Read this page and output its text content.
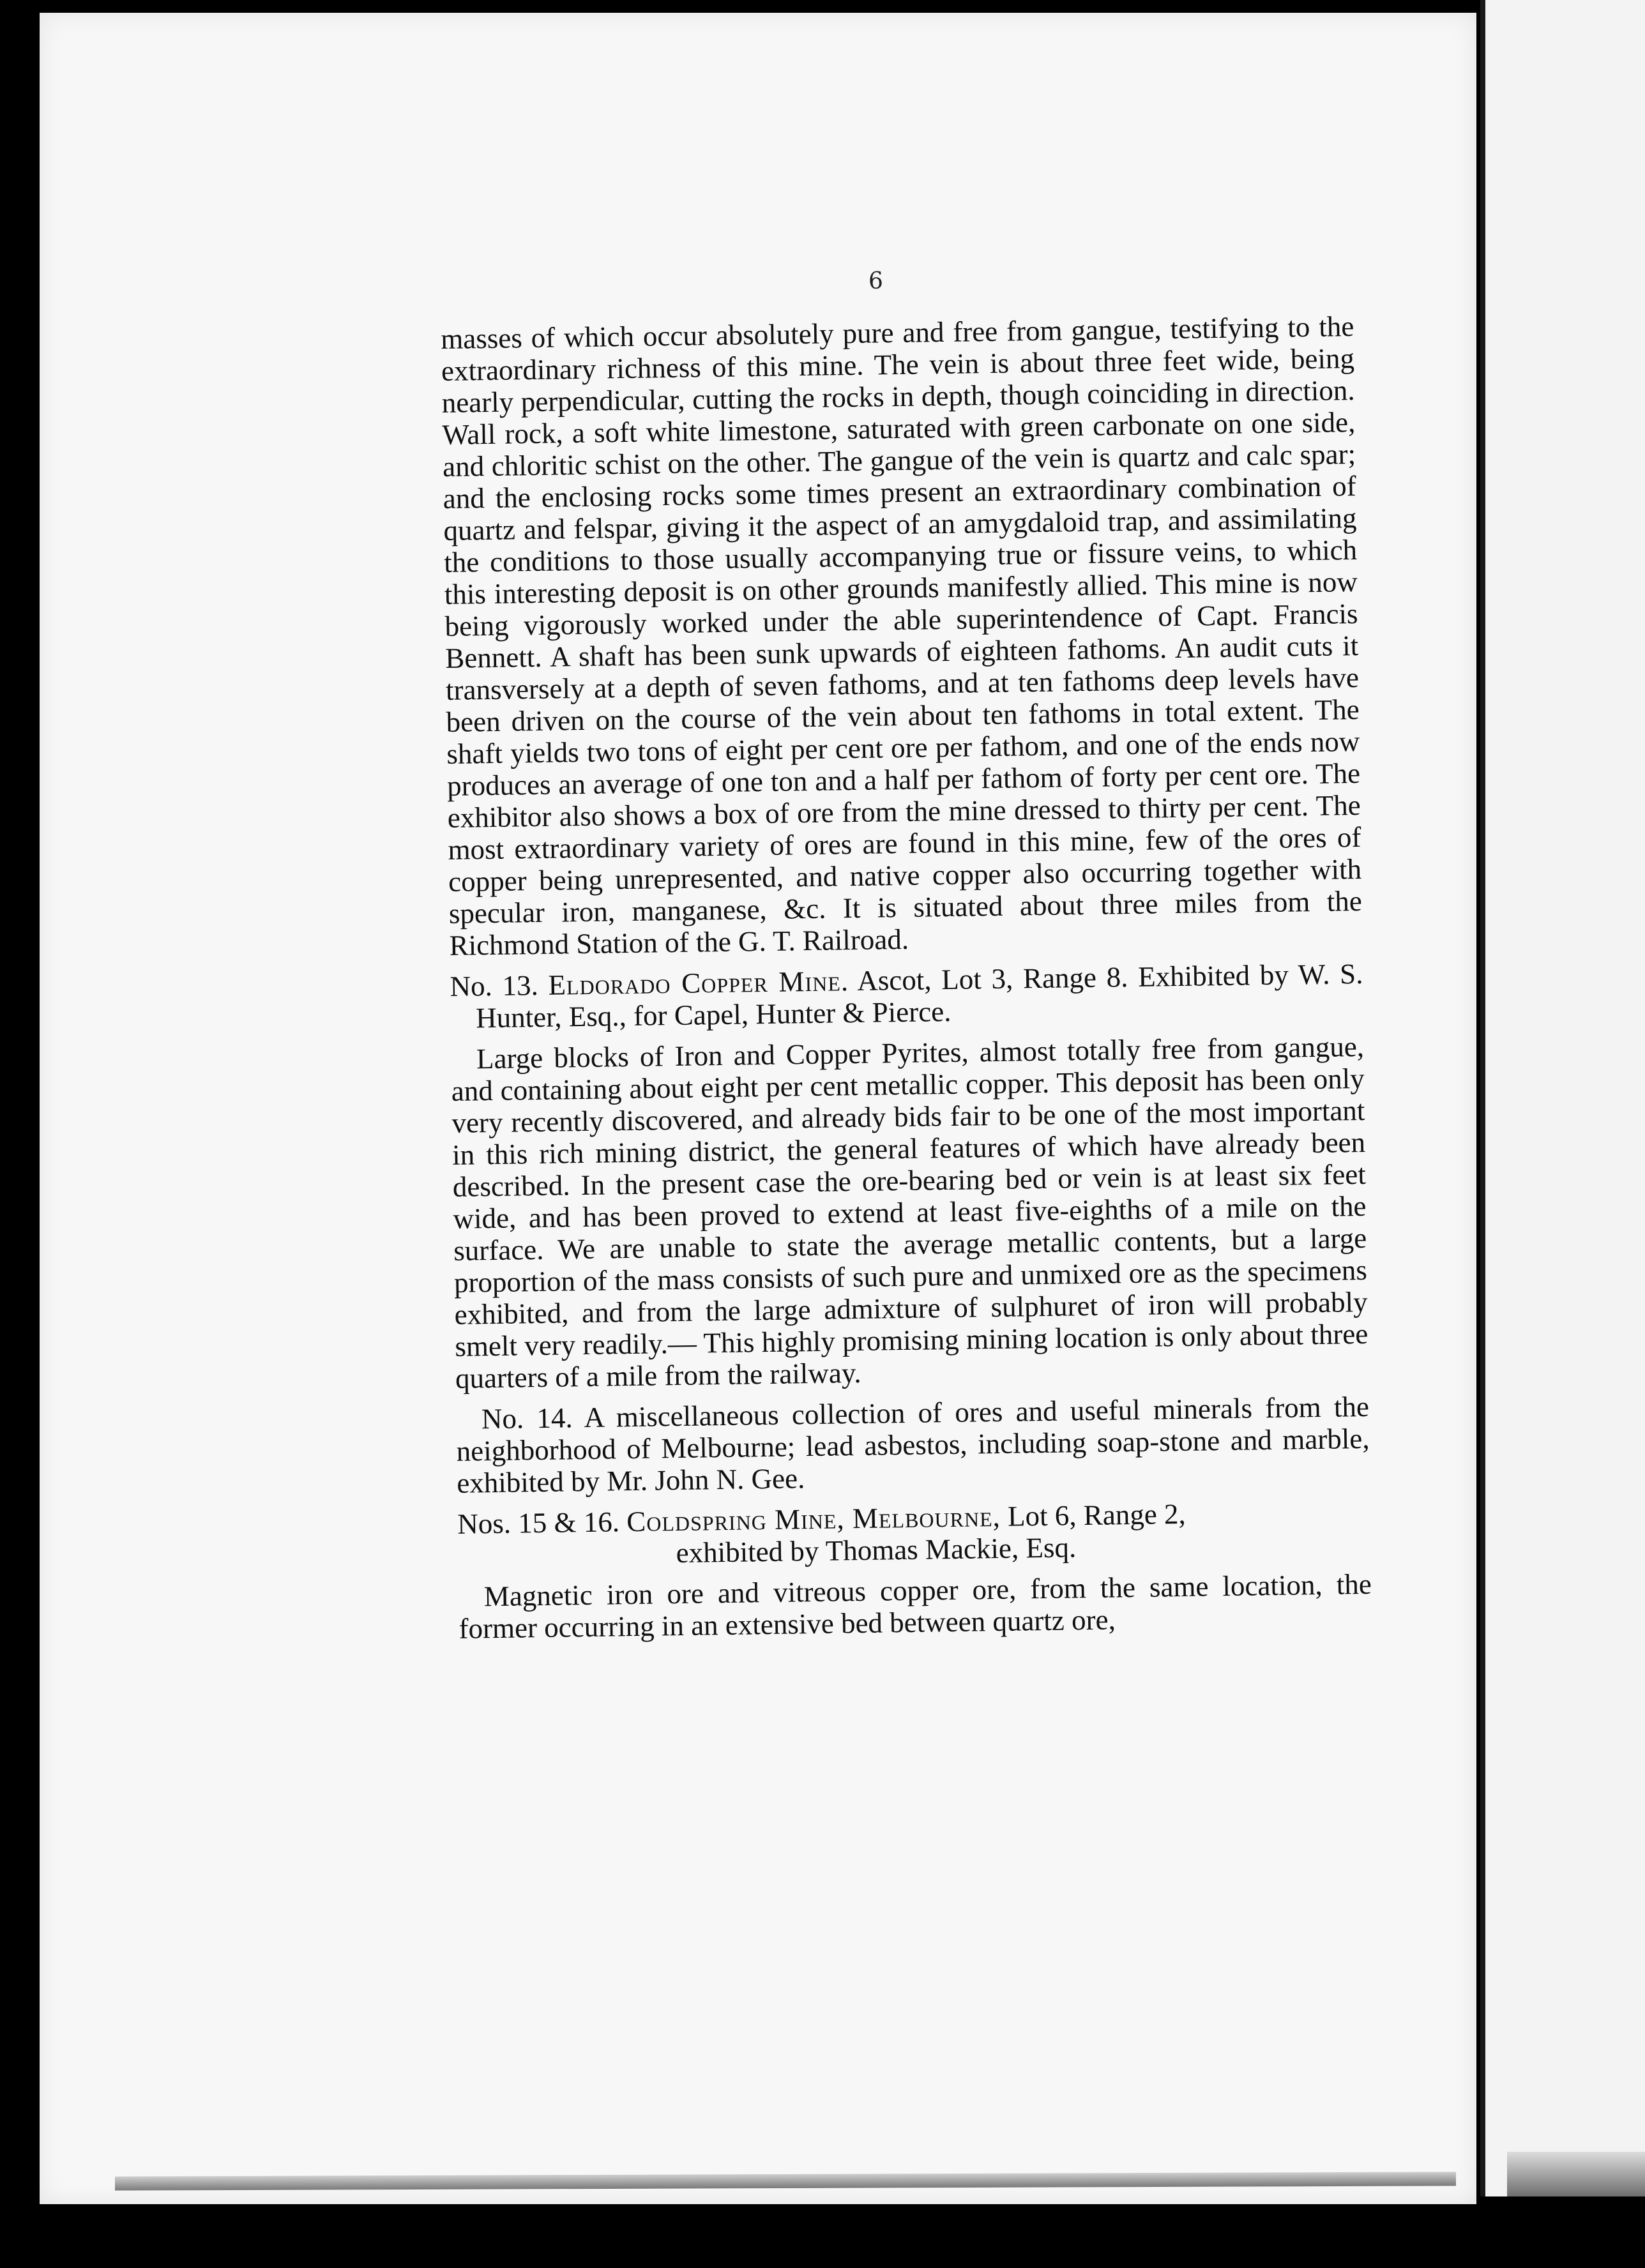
6

masses of which occur absolutely pure and free from gangue, testifying to the extraordinary richness of this mine. The vein is about three feet wide, being nearly perpendicular, cutting the rocks in depth, though coinciding in direction. Wall rock, a soft white limestone, saturated with green carbonate on one side, and chloritic schist on the other. The gangue of the vein is quartz and calc spar; and the enclosing rocks some times present an extraordinary combination of quartz and felspar, giving it the aspect of an amygdaloid trap, and assimilating the conditions to those usually accompanying true or fissure veins, to which this interesting deposit is on other grounds manifestly allied. This mine is now being vigorously worked under the able superintendence of Capt. Francis Bennett. A shaft has been sunk upwards of eighteen fathoms. An audit cuts it transversely at a depth of seven fathoms, and at ten fathoms deep levels have been driven on the course of the vein about ten fathoms in total extent. The shaft yields two tons of eight per cent ore per fathom, and one of the ends now produces an average of one ton and a half per fathom of forty per cent ore. The exhibitor also shows a box of ore from the mine dressed to thirty per cent. The most extraordinary variety of ores are found in this mine, few of the ores of copper being unrepresented, and native copper also occurring together with specular iron, manganese, &c. It is situated about three miles from the Richmond Station of the G. T. Railroad.

No. 13. Eldorado Copper Mine. Ascot, Lot 3, Range 8. Exhibited by W. S. Hunter, Esq., for Capel, Hunter & Pierce.

Large blocks of Iron and Copper Pyrites, almost totally free from gangue, and containing about eight per cent metallic copper. This deposit has been only very recently discovered, and already bids fair to be one of the most important in this rich mining district, the general features of which have already been described. In the present case the ore-bearing bed or vein is at least six feet wide, and has been proved to extend at least five-eighths of a mile on the surface. We are unable to state the average metallic contents, but a large proportion of the mass consists of such pure and unmixed ore as the specimens exhibited, and from the large admixture of sulphuret of iron will probably smelt very readily.— This highly promising mining location is only about three quarters of a mile from the railway.

No. 14. A miscellaneous collection of ores and useful minerals from the neighborhood of Melbourne; lead asbestos, including soap-stone and marble, exhibited by Mr. John N. Gee.

Nos. 15 & 16. Coldspring Mine, Melbourne, Lot 6, Range 2,

exhibited by Thomas Mackie, Esq.

Magnetic iron ore and vitreous copper ore, from the same location, the former occurring in an extensive bed between quartz ore,
